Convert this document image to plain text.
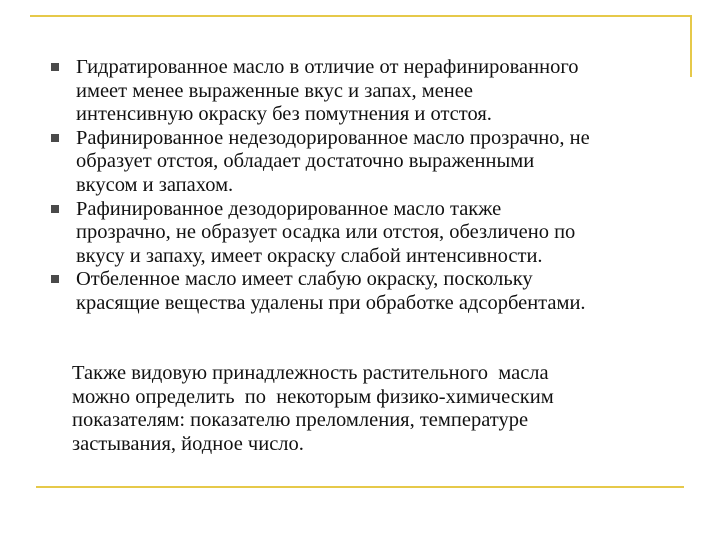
Гидратированное масло в отличие от нерафинированного
имеет менее выраженные вкус и запах, менее
интенсивную окраску без помутнения и отстоя.
Рафинированное недезодорированное масло прозрачно, не
образует отстоя, обладает достаточно выраженными
вкусом и запахом.
Рафинированное дезодорированное масло также
прозрачно, не образует осадка или отстоя, обезличено по
вкусу и запаху, имеет окраску слабой интенсивности.
Отбеленное масло имеет слабую окраску, поскольку
красящие вещества удалены при обработке адсорбентами.
Также видовую принадлежность растительного  масла
можно определить  по  некоторым физико-химическим
показателям: показателю преломления, температуре
застывания, йодное число.
